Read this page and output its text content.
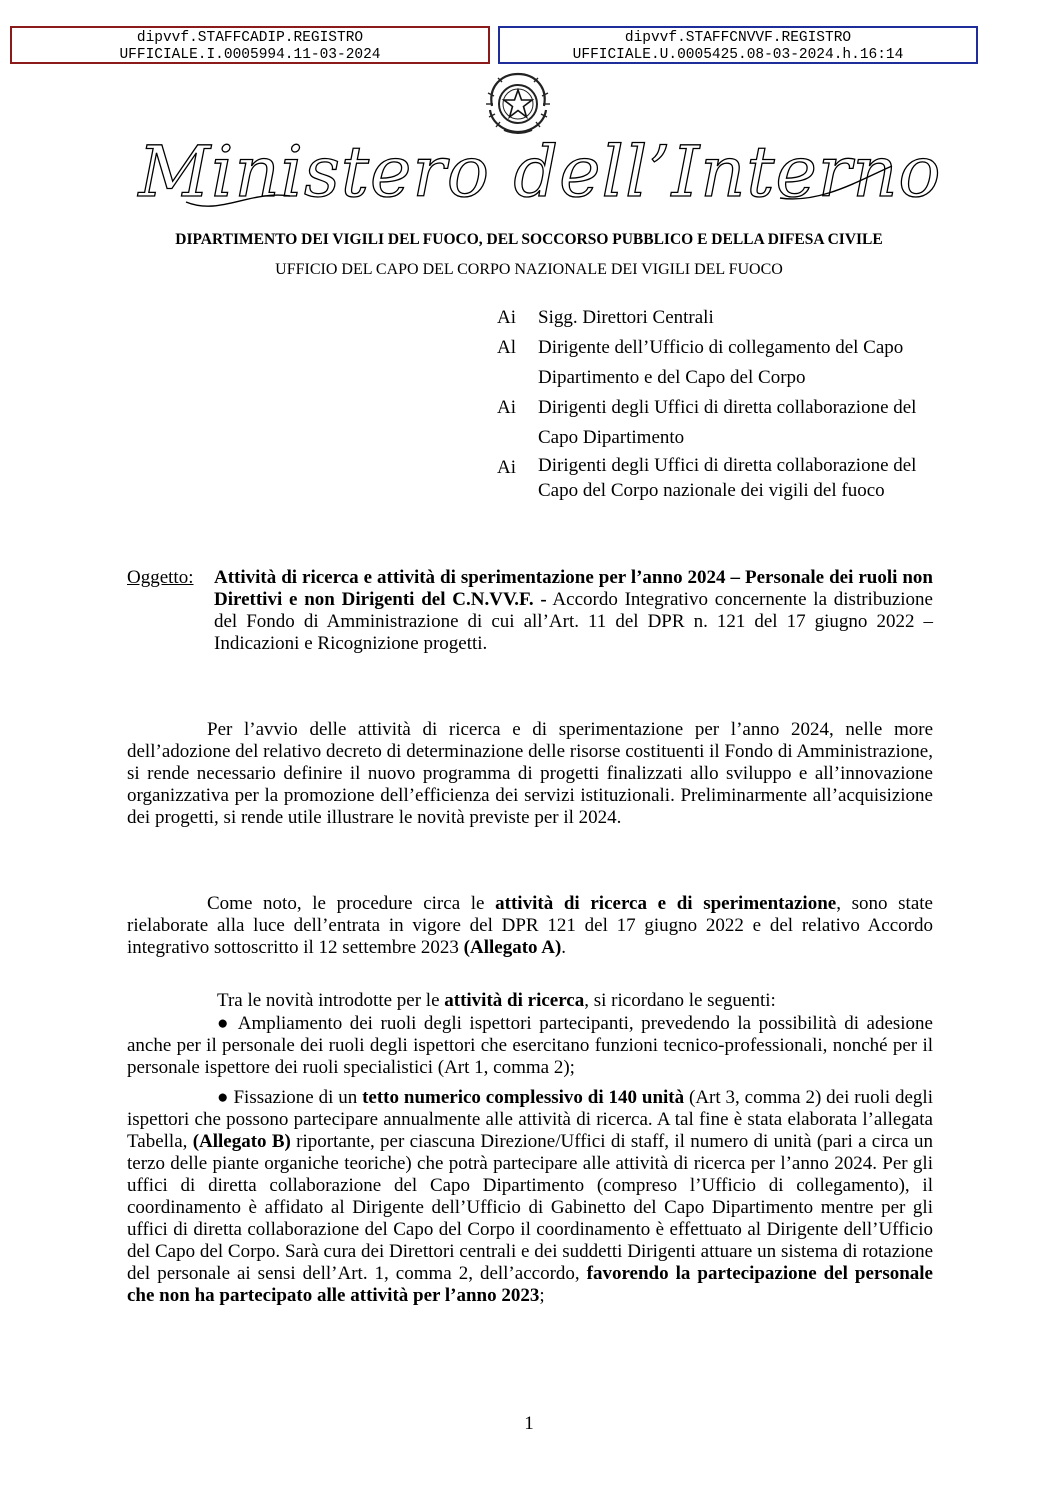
dipvvf.STAFFCADIP.REGISTRO
UFFICIALE.I.0005994.11-03-2024
dipvvf.STAFFCNVVF.REGISTRO
UFFICIALE.U.0005425.08-03-2024.h.16:14
Ministero dell’Interno
DIPARTIMENTO DEI VIGILI DEL FUOCO, DEL SOCCORSO PUBBLICO E DELLA DIFESA CIVILE
UFFICIO DEL CAPO DEL CORPO NAZIONALE DEI VIGILI DEL FUOCO
Ai	Sigg. Direttori Centrali
Al	Dirigente dell’Ufficio di collegamento del Capo Dipartimento e del Capo del Corpo
Ai	Dirigenti degli Uffici di diretta collaborazione del Capo Dipartimento
Ai	Dirigenti degli Uffici di diretta collaborazione del Capo del Corpo nazionale dei vigili del fuoco
Oggetto:	Attività di ricerca e attività di sperimentazione per l’anno 2024 – Personale dei ruoli non Direttivi e non Dirigenti del C.N.VV.F. - Accordo Integrativo concernente la distribuzione del Fondo di Amministrazione di cui all’Art. 11 del DPR n. 121 del 17 giugno 2022 – Indicazioni e Ricognizione progetti.

Per l’avvio delle attività di ricerca e di sperimentazione per l’anno 2024, nelle more dell’adozione del relativo decreto di determinazione delle risorse costituenti il Fondo di Amministrazione, si rende necessario definire il nuovo programma di progetti finalizzati allo sviluppo e all’innovazione organizzativa per la promozione dell’efficienza dei servizi istituzionali. Preliminarmente all’acquisizione dei progetti, si rende utile illustrare le novità previste per il 2024.

Come noto, le procedure circa le attività di ricerca e di sperimentazione, sono state rielaborate alla luce dell’entrata in vigore del DPR 121 del 17 giugno 2022 e del relativo Accordo integrativo sottoscritto il 12 settembre 2023 (Allegato A).

Tra le novità introdotte per le attività di ricerca, si ricordano le seguenti:

● Ampliamento dei ruoli degli ispettori partecipanti, prevedendo la possibilità di adesione anche per il personale dei ruoli degli ispettori che esercitano funzioni tecnico-professionali, nonché per il personale ispettore dei ruoli specialistici (Art 1, comma 2);

● Fissazione di un tetto numerico complessivo di 140 unità (Art 3, comma 2) dei ruoli degli ispettori che possono partecipare annualmente alle attività di ricerca. A tal fine è stata elaborata l’allegata Tabella, (Allegato B) riportante, per ciascuna Direzione/Uffici di staff, il numero di unità (pari a circa un terzo delle piante organiche teoriche) che potrà partecipare alle attività di ricerca per l’anno 2024. Per gli uffici di diretta collaborazione del Capo Dipartimento (compreso l’Ufficio di collegamento), il coordinamento è affidato al Dirigente dell’Ufficio di Gabinetto del Capo Dipartimento mentre per gli uffici di diretta collaborazione del Capo del Corpo il coordinamento è effettuato al Dirigente dell’Ufficio del Capo del Corpo. Sarà cura dei Direttori centrali e dei suddetti Dirigenti attuare un sistema di rotazione del personale ai sensi dell’Art. 1, comma 2, dell’accordo, favorendo la partecipazione del personale che non ha partecipato alle attività per l’anno 2023;

1
